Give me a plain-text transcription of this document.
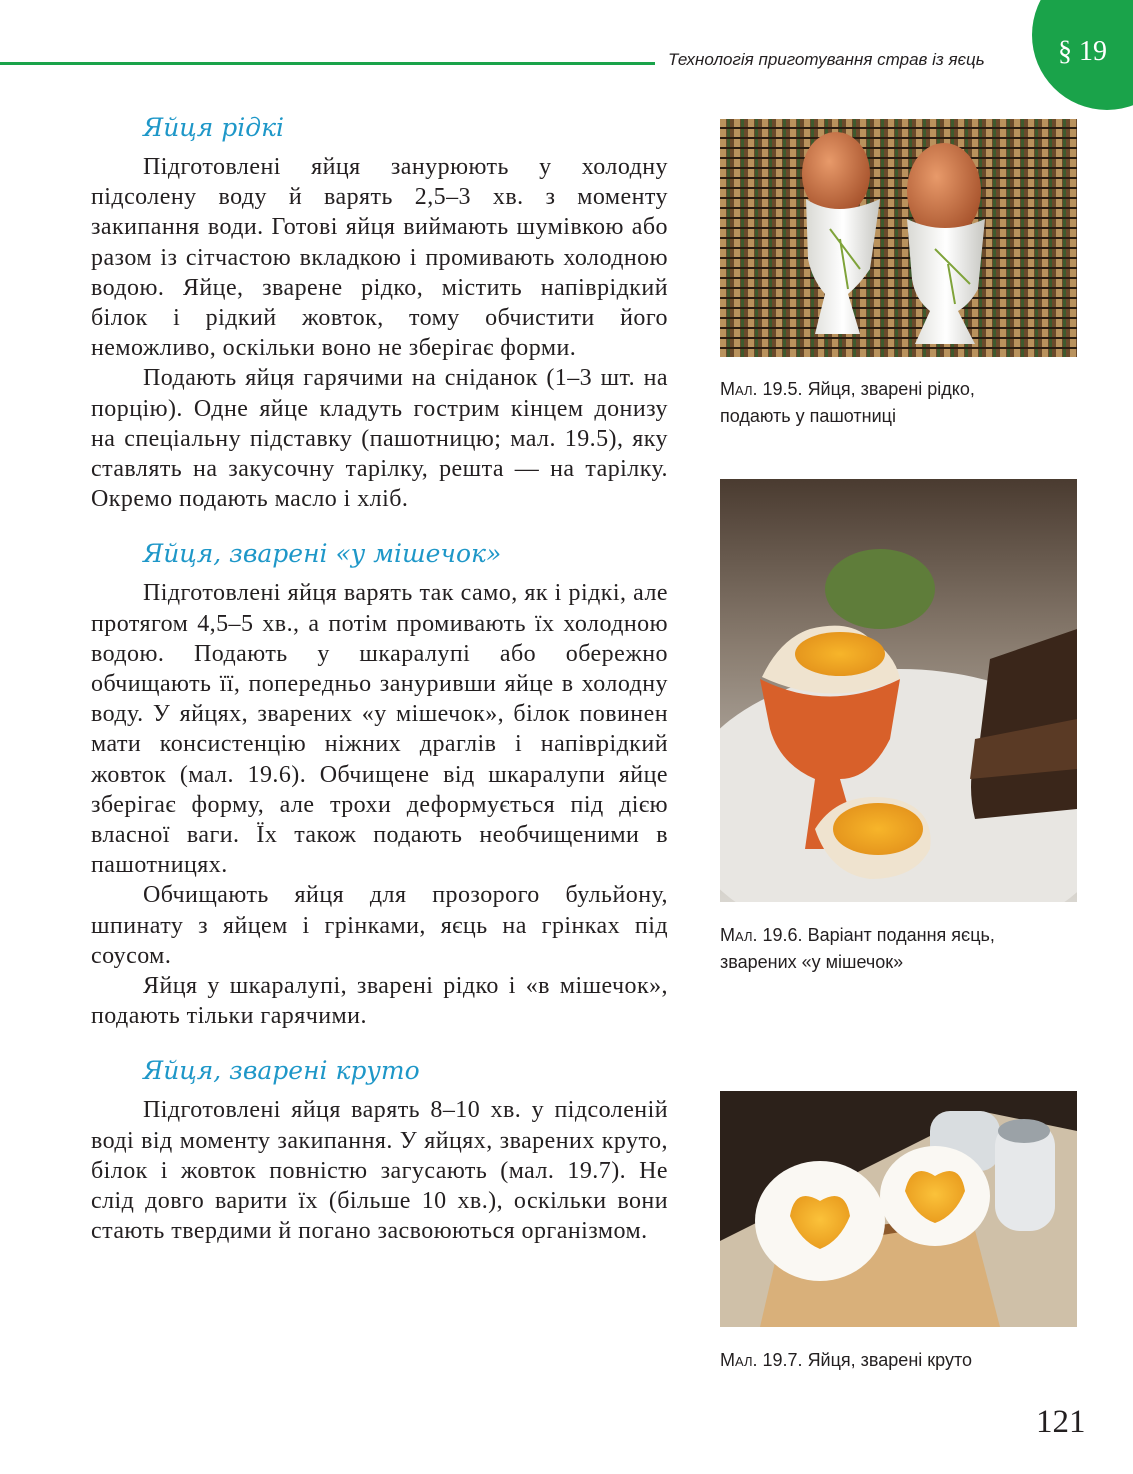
Технологія приготування страв із яєць	§ 19
Яйця рідкі

Підготовлені яйця занурюють у холодну підсолену воду й варять 2,5–3 хв. з моменту закипання води. Готові яйця виймають шумівкою або разом із сітчастою вкладкою і промивають холодною водою. Яйце, зварене рідко, містить напіврідкий білок і рідкий жовток, тому обчистити його неможливо, оскільки воно не зберігає форми.

Подають яйця гарячими на сніданок (1–3 шт. на порцію). Одне яйце кладуть гострим кінцем донизу на спеціальну підставку (пашотницю; мал. 19.5), яку ставлять на закусочну тарілку, решта — на тарілку. Окремо подають масло і хліб.

Яйця, зварені «у мішечок»

Підготовлені яйця варять так само, як і рідкі, але протягом 4,5–5 хв., а потім промивають їх холодною водою. Подають у шкаралупі або обережно обчищають її, попередньо зануривши яйце в холодну воду. У яйцях, зварених «у мішечок», білок повинен мати консистенцію ніжних драглів і напіврідкий жовток (мал. 19.6). Обчищене від шкаралупи яйце зберігає форму, але трохи деформується під дією власної ваги. Їх також подають необчищеними в пашотницях.

Обчищають яйця для прозорого бульйону, шпинату з яйцем і грінками, яєць на грінках під соусом.

Яйця у шкаралупі, зварені рідко і «в мішечок», подають тільки гарячими.

Яйця, зварені круто

Підготовлені яйця варять 8–10 хв. у підсоленій воді від моменту закипання. У яйцях, зварених круто, білок і жовток повністю загусають (мал. 19.7). Не слід довго варити їх (більше 10 хв.), оскільки вони стають твердими й погано засвоюються організмом.

Мал. 19.5. Яйця, зварені рідко,
подають у пашотниці
Мал. 19.6. Варіант подання яєць,
зварених «у мішечок»
Мал. 19.7. Яйця, зварені круто
121
